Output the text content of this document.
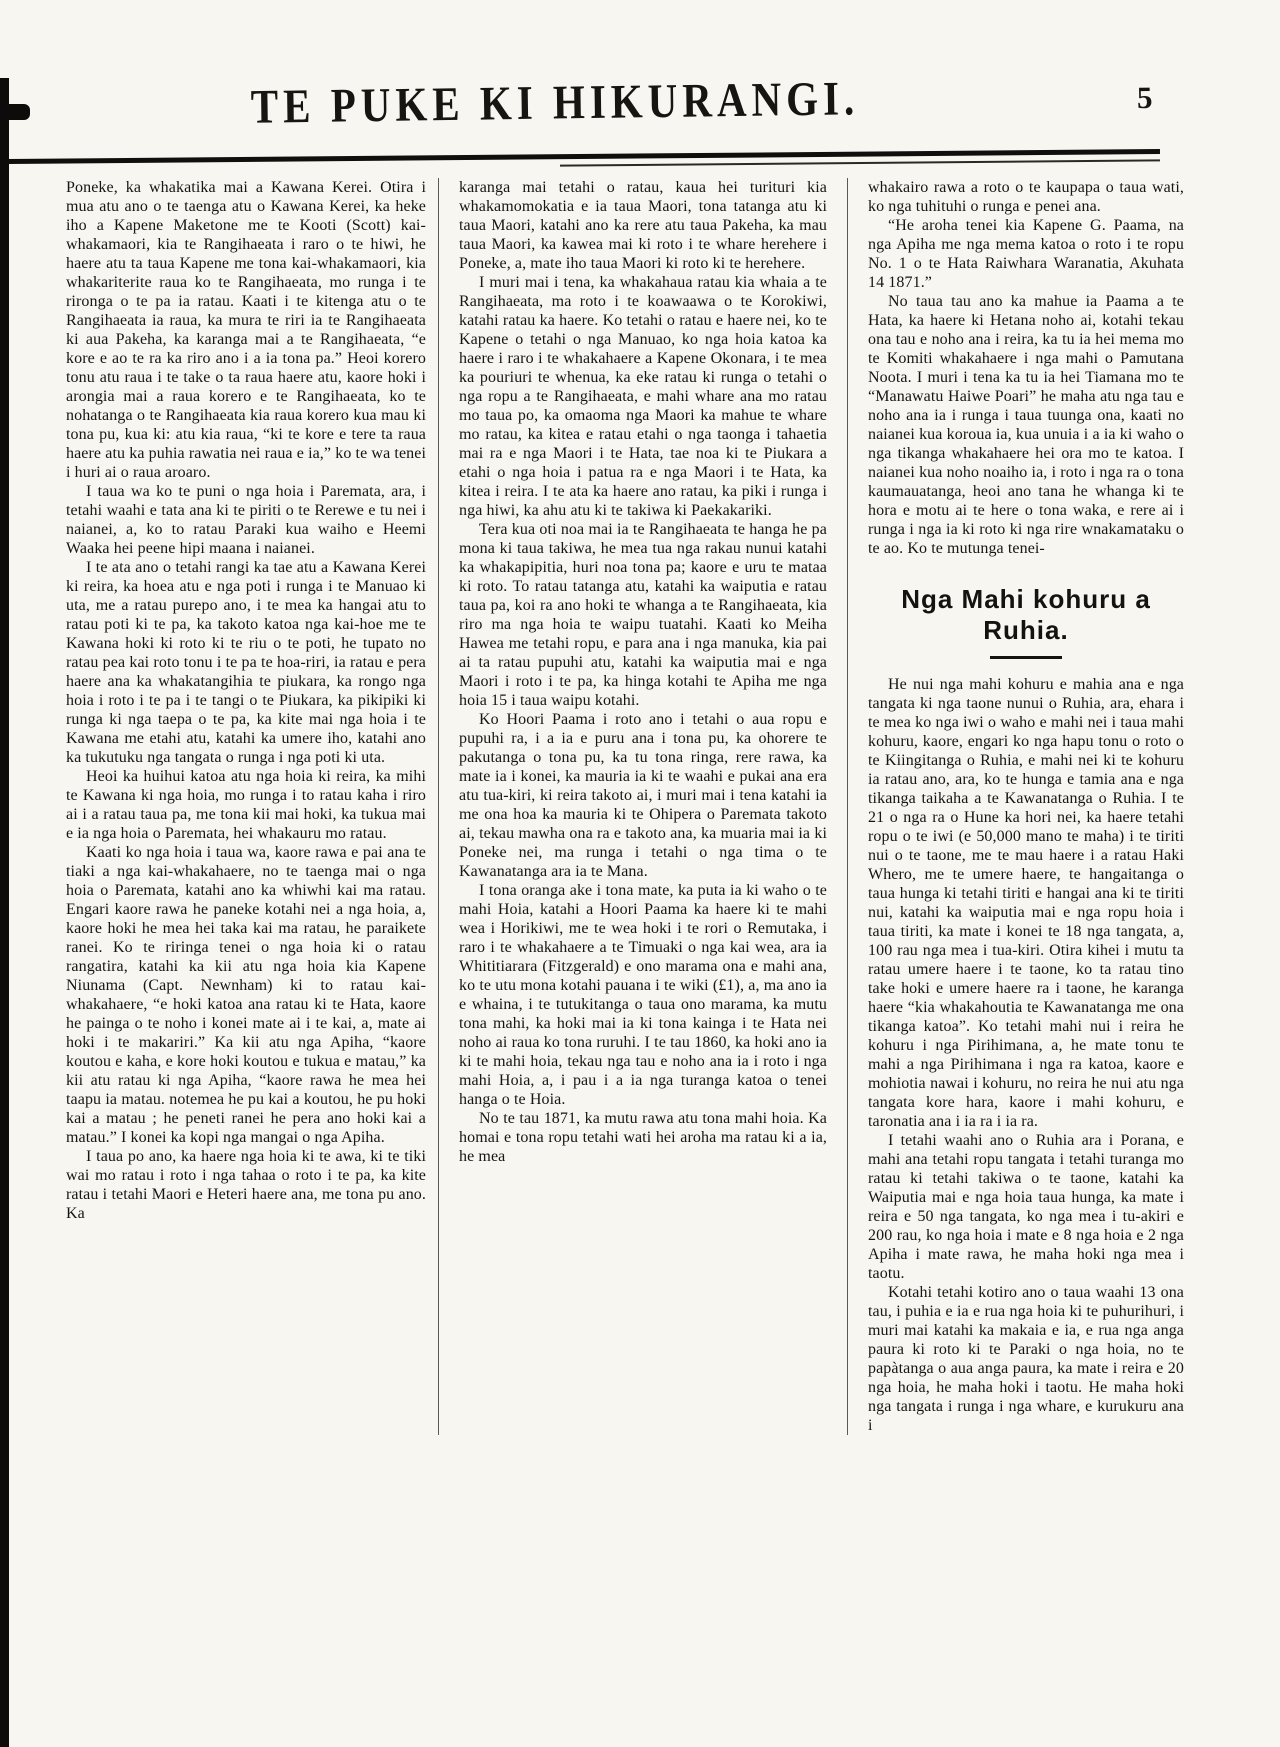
TE PUKE KI HIKURANGI.	5

Poneke, ka whakatika mai a Kawana Kerei. Otira i mua atu ano o te taenga atu o Kawana Kerei, ka heke iho a Kapene Maketone me te Kooti (Scott) kai-whakamaori, kia te Rangihaeata i raro o te hiwi, he haere atu ta taua Kapene me tona kai-whakamaori, kia whakariterite raua ko te Rangihaeata, mo runga i te rironga o te pa ia ratau. Kaati i te kitenga atu o te Rangihaeata ia raua, ka mura te riri ia te Rangihaeata ki aua Pakeha, ka karanga mai a te Rangihaeata, “e kore e ao te ra ka riro ano i a ia tona pa.” Heoi korero tonu atu raua i te take o ta raua haere atu, kaore hoki i arongia mai a raua korero e te Rangihaeata, ko te nohatanga o te Rangihaeata kia raua korero kua mau ki tona pu, kua ki: atu kia raua, “ki te kore e tere ta raua haere atu ka puhia rawatia nei raua e ia,” ko te wa tenei i huri ai o raua aroaro.

I taua wa ko te puni o nga hoia i Paremata, ara, i tetahi waahi e tata ana ki te piriti o te Rerewe e tu nei i naianei, a, ko to ratau Paraki kua waiho e Heemi Waaka hei peene hipi maana i naianei.

I te ata ano o tetahi rangi ka tae atu a Kawana Kerei ki reira, ka hoea atu e nga poti i runga i te Manuao ki uta, me a ratau purepo ano, i te mea ka hangai atu to ratau poti ki te pa, ka takoto katoa nga kai-hoe me te Kawana hoki ki roto ki te riu o te poti, he tupato no ratau pea kai roto tonu i te pa te hoa-riri, ia ratau e pera haere ana ka whakatangihia te piukara, ka rongo nga hoia i roto i te pa i te tangi o te Piukara, ka pikipiki ki runga ki nga taepa o te pa, ka kite mai nga hoia i te Kawana me etahi atu, katahi ka umere iho, katahi ano ka tukutuku nga tangata o runga i nga poti ki uta.

Heoi ka huihui katoa atu nga hoia ki reira, ka mihi te Kawana ki nga hoia, mo runga i to ratau kaha i riro ai i a ratau taua pa, me tona kii mai hoki, ka tukua mai e ia nga hoia o Paremata, hei whakauru mo ratau.

Kaati ko nga hoia i taua wa, kaore rawa e pai ana te tiaki a nga kai-whakahaere, no te taenga mai o nga hoia o Paremata, katahi ano ka whiwhi kai ma ratau. Engari kaore rawa he paneke kotahi nei a nga hoia, a, kaore hoki he mea hei taka kai ma ratau, he paraikete ranei. Ko te riringa tenei o nga hoia ki o ratau rangatira, katahi ka kii atu nga hoia kia Kapene Niunama (Capt. Newnham) ki to ratau kai-whakahaere, “e hoki katoa ana ratau ki te Hata, kaore he painga o te noho i konei mate ai i te kai, a, mate ai hoki i te makariri.” Ka kii atu nga Apiha, “kaore koutou e kaha, e kore hoki koutou e tukua e matau,” ka kii atu ratau ki nga Apiha, “kaore rawa he mea hei taapu ia matau. notemea he pu kai a koutou, he pu hoki kai a matau ; he peneti ranei he pera ano hoki kai a matau.” I konei ka kopi nga mangai o nga Apiha.

I taua po ano, ka haere nga hoia ki te awa, ki te tiki wai mo ratau i roto i nga tahaa o roto i te pa, ka kite ratau i tetahi Maori e Heteri haere ana, me tona pu ano. Ka

karanga mai tetahi o ratau, kaua hei turituri kia whakamomokatia e ia taua Maori, tona tatanga atu ki taua Maori, katahi ano ka rere atu taua Pakeha, ka mau taua Maori, ka kawea mai ki roto i te whare herehere i Poneke, a, mate iho taua Maori ki roto ki te herehere.

I muri mai i tena, ka whakahaua ratau kia whaia a te Rangihaeata, ma roto i te koawaawa o te Korokiwi, katahi ratau ka haere. Ko tetahi o ratau e haere nei, ko te Kapene o tetahi o nga Manuao, ko nga hoia katoa ka haere i raro i te whakahaere a Kapene Okonara, i te mea ka pouriuri te whenua, ka eke ratau ki runga o tetahi o nga ropu a te Rangihaeata, e mahi whare ana mo ratau mo taua po, ka omaoma nga Maori ka mahue te whare mo ratau, ka kitea e ratau etahi o nga taonga i tahaetia mai ra e nga Maori i te Hata, tae noa ki te Piukara a etahi o nga hoia i patua ra e nga Maori i te Hata, ka kitea i reira. I te ata ka haere ano ratau, ka piki i runga i nga hiwi, ka ahu atu ki te takiwa ki Paekakariki.

Tera kua oti noa mai ia te Rangihaeata te hanga he pa mona ki taua takiwa, he mea tua nga rakau nunui katahi ka whakapipitia, huri noa tona pa; kaore e uru te mataa ki roto. To ratau tatanga atu, katahi ka waiputia e ratau taua pa, koi ra ano hoki te whanga a te Rangihaeata, kia riro ma nga hoia te waipu tuatahi. Kaati ko Meiha Hawea me tetahi ropu, e para ana i nga manuka, kia pai ai ta ratau pupuhi atu, katahi ka waiputia mai e nga Maori i roto i te pa, ka hinga kotahi te Apiha me nga hoia 15 i taua waipu kotahi.

Ko Hoori Paama i roto ano i tetahi o aua ropu e pupuhi ra, i a ia e puru ana i tona pu, ka ohorere te pakutanga o tona pu, ka tu tona ringa, rere rawa, ka mate ia i konei, ka mauria ia ki te waahi e pukai ana era atu tua-kiri, ki reira takoto ai, i muri mai i tena katahi ia me ona hoa ka mauria ki te Ohipera o Paremata takoto ai, tekau mawha ona ra e takoto ana, ka muaria mai ia ki Poneke nei, ma runga i tetahi o nga tima o te Kawanatanga ara ia te Mana.

I tona oranga ake i tona mate, ka puta ia ki waho o te mahi Hoia, katahi a Hoori Paama ka haere ki te mahi wea i Horikiwi, me te wea hoki i te rori o Remutaka, i raro i te whakahaere a te Timuaki o nga kai wea, ara ia Whititiarara (Fitzgerald) e ono marama ona e mahi ana, ko te utu mona kotahi pauana i te wiki (£1), a, ma ano ia e whaina, i te tutukitanga o taua ono marama, ka mutu tona mahi, ka hoki mai ia ki tona kainga i te Hata nei noho ai raua ko tona ruruhi. I te tau 1860, ka hoki ano ia ki te mahi hoia, tekau nga tau e noho ana ia i roto i nga mahi Hoia, a, i pau i a ia nga turanga katoa o tenei hanga o te Hoia.

No te tau 1871, ka mutu rawa atu tona mahi hoia. Ka homai e tona ropu tetahi wati hei aroha ma ratau ki a ia, he mea

whakairo rawa a roto o te kaupapa o taua wati, ko nga tuhituhi o runga e penei ana.

“He aroha tenei kia Kapene G. Paama, na nga Apiha me nga mema katoa o roto i te ropu No. 1 o te Hata Raiwhara Waranatia, Akuhata 14 1871.”

No taua tau ano ka mahue ia Paama a te Hata, ka haere ki Hetana noho ai, kotahi tekau ona tau e noho ana i reira, ka tu ia hei mema mo te Komiti whakahaere i nga mahi o Pamutana Noota. I muri i tena ka tu ia hei Tiamana mo te “Manawatu Haiwe Poari” he maha atu nga tau e noho ana ia i runga i taua tuunga ona, kaati no naianei kua koroua ia, kua unuia i a ia ki waho o nga tikanga whakahaere hei ora mo te katoa. I naianei kua noho noaiho ia, i roto i nga ra o tona kaumauatanga, heoi ano tana he whanga ki te hora e motu ai te here o tona waka, e rere ai i runga i nga ia ki roto ki nga rire wnakamataku o te ao. Ko te mutunga tenei-

Nga Mahi kohuru a Ruhia.

He nui nga mahi kohuru e mahia ana e nga tangata ki nga taone nunui o Ruhia, ara, ehara i te mea ko nga iwi o waho e mahi nei i taua mahi kohuru, kaore, engari ko nga hapu tonu o roto o te Kiingitanga o Ruhia, e mahi nei ki te kohuru ia ratau ano, ara, ko te hunga e tamia ana e nga tikanga taikaha a te Kawanatanga o Ruhia. I te 21 o nga ra o Hune ka hori nei, ka haere tetahi ropu o te iwi (e 50,000 mano te maha) i te tiriti nui o te taone, me te mau haere i a ratau Haki Whero, me te umere haere, te hangaitanga o taua hunga ki tetahi tiriti e hangai ana ki te tiriti nui, katahi ka waiputia mai e nga ropu hoia i taua tiriti, ka mate i konei te 18 nga tangata, a, 100 rau nga mea i tua-kiri. Otira kihei i mutu ta ratau umere haere i te taone, ko ta ratau tino take hoki e umere haere ra i taone, he karanga haere “kia whakahoutia te Kawanatanga me ona tikanga katoa”. Ko tetahi mahi nui i reira he kohuru i nga Pirihimana, a, he mate tonu te mahi a nga Pirihimana i nga ra katoa, kaore e mohiotia nawai i kohuru, no reira he nui atu nga tangata kore hara, kaore i mahi kohuru, e taronatia ana i ia ra i ia ra.

I tetahi waahi ano o Ruhia ara i Porana, e mahi ana tetahi ropu tangata i tetahi turanga mo ratau ki tetahi takiwa o te taone, katahi ka Waiputia mai e nga hoia taua hunga, ka mate i reira e 50 nga tangata, ko nga mea i tu-akiri e 200 rau, ko nga hoia i mate e 8 nga hoia e 2 nga Apiha i mate rawa, he maha hoki nga mea i taotu.

Kotahi tetahi kotiro ano o taua waahi 13 ona tau, i puhia e ia e rua nga hoia ki te puhurihuri, i muri mai katahi ka makaia e ia, e rua nga anga paura ki roto ki te Paraki o nga hoia, no te papàtanga o aua anga paura, ka mate i reira e 20 nga hoia, he maha hoki i taotu. He maha hoki nga tangata i runga i nga whare, e kurukuru ana i
